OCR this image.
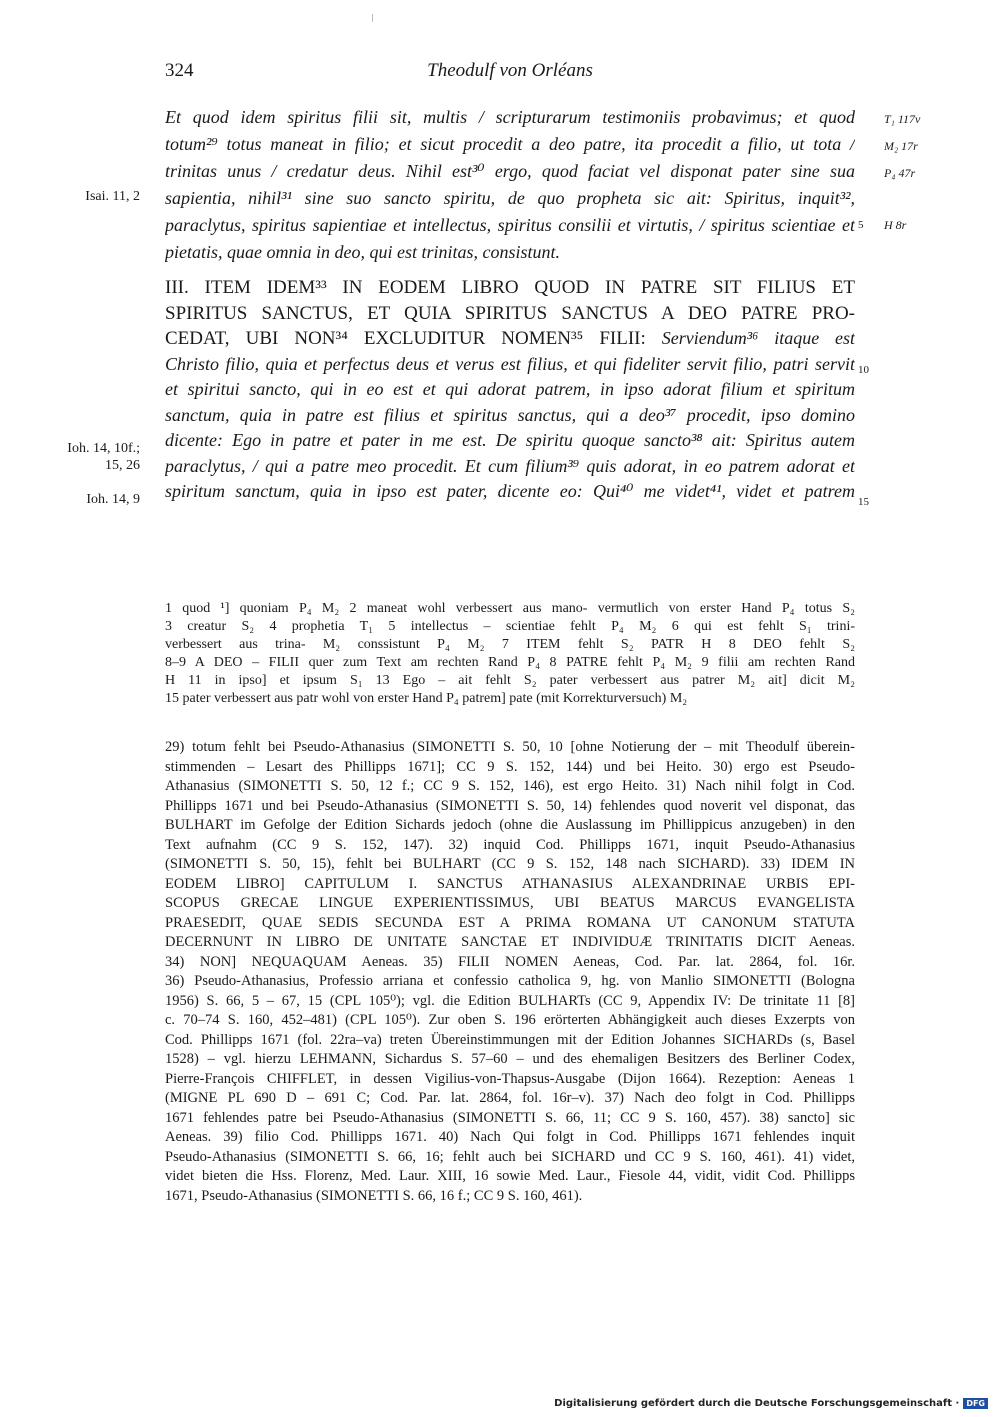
324	Theodulf von Orléans
Et quod idem spiritus filii sit, multis / scripturarum testimoniis probavimus; et quod
totum²⁹ totus maneat in filio; et sicut procedit a deo patre, ita procedit a filio, ut tota /
trinitas unus / credatur deus. Nihil est³⁰ ergo, quod faciat vel disponat pater sine sua
sapientia, nihil³¹ sine suo sancto spiritu, de quo propheta sic ait: Spiritus, inquit³²,
paraclytus, spiritus sapientiae et intellectus, spiritus consilii et virtutis, / spiritus scientiae et
pietatis, quae omnia in deo, qui est trinitas, consistunt.
III. ITEM IDEM³³ IN EODEM LIBRO QUOD IN PATRE SIT FILIUS ET
SPIRITUS SANCTUS, ET QUIA SPIRITUS SANCTUS A DEO PATRE PRO-
CEDAT, UBI NON³⁴ EXCLUDITUR NOMEN³⁵ FILII: Serviendum³⁶ itaque est
Christo filio, quia et perfectus deus et verus est filius, et qui fideliter servit filio, patri servit
et spiritui sancto, qui in eo est et qui adorat patrem, in ipso adorat filium et spiritum
sanctum, quia in patre est filius et spiritus sanctus, qui a deo³⁷ procedit, ipso domino
dicente: Ego in patre et pater in me est. De spiritu quoque sancto³⁸ ait: Spiritus autem
paraclytus, / qui a patre meo procedit. Et cum filium³⁹ quis adorat, in eo patrem adorat et
spiritum sanctum, quia in ipso est pater, dicente eo: Qui⁴⁰ me videt⁴¹, videt et patrem
Isai. 11, 2
Ioh. 14, 10f.;
15, 26
Ioh. 14, 9
5
10
15
T₁ 117v
M₂ 17r
P₄ 47r
H 8r
1 quod ¹] quoniam P₄ M₂ 2 maneat wohl verbessert aus mano- vermutlich von erster Hand P₄ totus S₂
3 creatur S₂ 4 prophetia T₁ 5 intellectus – scientiae fehlt P₄ M₂ 6 qui est fehlt S₁ trini-
verbessert aus trina- M₂ conssistunt P₄ M₂ 7 ITEM fehlt S₂ PATR H 8 DEO fehlt S₂
8–9 A DEO – FILII quer zum Text am rechten Rand P₄ 8 PATRE fehlt P₄ M₂ 9 filii am rechten Rand
H 11 in ipso] et ipsum S₁ 13 Ego – ait fehlt S₂ pater verbessert aus patrer M₂ ait] dicit M₂
15 pater verbessert aus patr wohl von erster Hand P₄ patrem] pate (mit Korrekturversuch) M₂
29) totum fehlt bei Pseudo-Athanasius (SIMONETTI S. 50, 10 [ohne Notierung der – mit Theodulf überein-
stimmenden – Lesart des Phillipps 1671]; CC 9 S. 152, 144) und bei Heito. 30) ergo est Pseudo-
Athanasius (SIMONETTI S. 50, 12 f.; CC 9 S. 152, 146), est ergo Heito. 31) Nach nihil folgt in Cod.
Phillipps 1671 und bei Pseudo-Athanasius (SIMONETTI S. 50, 14) fehlendes quod noverit vel disponat, das
BULHART im Gefolge der Edition Sichards jedoch (ohne die Auslassung im Phillippicus anzugeben) in den
Text aufnahm (CC 9 S. 152, 147). 32) inquid Cod. Phillipps 1671, inquit Pseudo-Athanasius
(SIMONETTI S. 50, 15), fehlt bei BULHART (CC 9 S. 152, 148 nach SICHARD). 33) IDEM IN
EODEM LIBRO] CAPITULUM I. SANCTUS ATHANASIUS ALEXANDRINAE URBIS EPI-
SCOPUS GRECAE LINGUE EXPERIENTISSIMUS, UBI BEATUS MARCUS EVANGELISTA
PRAESEDIT, QUAE SEDIS SECUNDA EST A PRIMA ROMANA UT CANONUM STATUTA
DECERNUNT IN LIBRO DE UNITATE SANCTAE ET INDIVIDUÆ TRINITATIS DICIT Aeneas.
34) NON] NEQUAQUAM Aeneas. 35) FILII NOMEN Aeneas, Cod. Par. lat. 2864, fol. 16r.
36) Pseudo-Athanasius, Professio arriana et confessio catholica 9, hg. von Manlio SIMONETTI (Bologna
1956) S. 66, 5 – 67, 15 (CPL 105⁰); vgl. die Edition BULHARTs (CC 9, Appendix IV: De trinitate 11 [8]
c. 70–74 S. 160, 452–481) (CPL 105⁰). Zur oben S. 196 erörterten Abhängigkeit auch dieses Exzerpts von
Cod. Phillipps 1671 (fol. 22ra–va) treten Übereinstimmungen mit der Edition Johannes SICHARDs (s, Basel
1528) – vgl. hierzu LEHMANN, Sichardus S. 57–60 – und des ehemaligen Besitzers des Berliner Codex,
Pierre-François CHIFFLET, in dessen Vigilius-von-Thapsus-Ausgabe (Dijon 1664). Rezeption: Aeneas 1
(MIGNE PL 690 D – 691 C; Cod. Par. lat. 2864, fol. 16r–v). 37) Nach deo folgt in Cod. Phillipps
1671 fehlendes patre bei Pseudo-Athanasius (SIMONETTI S. 66, 11; CC 9 S. 160, 457). 38) sancto] sic
Aeneas. 39) filio Cod. Phillipps 1671. 40) Nach Qui folgt in Cod. Phillipps 1671 fehlendes inquit
Pseudo-Athanasius (SIMONETTI S. 66, 16; fehlt auch bei SICHARD und CC 9 S. 160, 461). 41) videt,
videt bieten die Hss. Florenz, Med. Laur. XIII, 16 sowie Med. Laur., Fiesole 44, vidit, vidit Cod. Phillipps
1671, Pseudo-Athanasius (SIMONETTI S. 66, 16 f.; CC 9 S. 160, 461).
Digitalisierung gefördert durch die Deutsche Forschungsgemeinschaft · DFG
